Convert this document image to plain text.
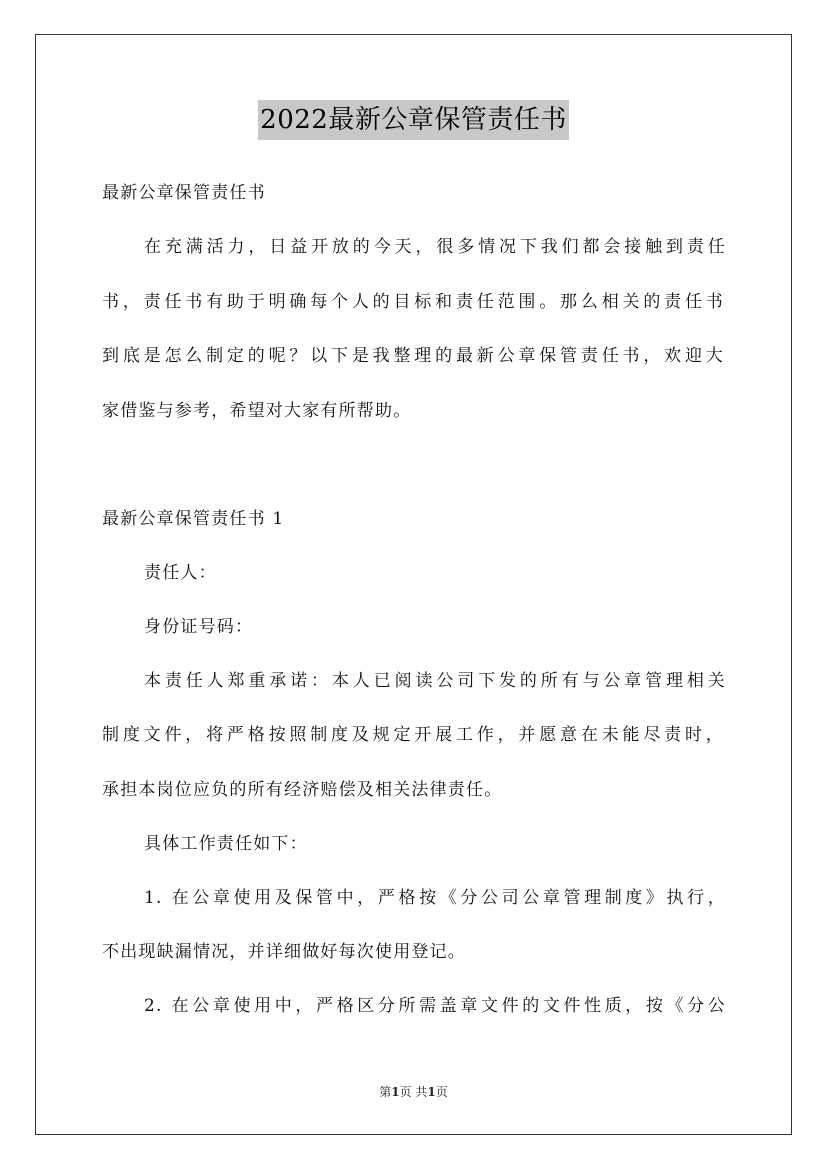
2022最新公章保管责任书
最新公章保管责任书
在充满活力，日益开放的今天，很多情况下我们都会接触到责任
书，责任书有助于明确每个人的目标和责任范围。那么相关的责任书
到底是怎么制定的呢？以下是我整理的最新公章保管责任书，欢迎大
家借鉴与参考，希望对大家有所帮助。
最新公章保管责任书 1
责任人：
身份证号码：
本责任人郑重承诺：本人已阅读公司下发的所有与公章管理相关
制度文件，将严格按照制度及规定开展工作，并愿意在未能尽责时，
承担本岗位应负的所有经济赔偿及相关法律责任。
具体工作责任如下：
1. 在公章使用及保管中，严格按《分公司公章管理制度》执行，
不出现缺漏情况，并详细做好每次使用登记。
2. 在公章使用中，严格区分所需盖章文件的文件性质，按《分公
第1页 共1页
